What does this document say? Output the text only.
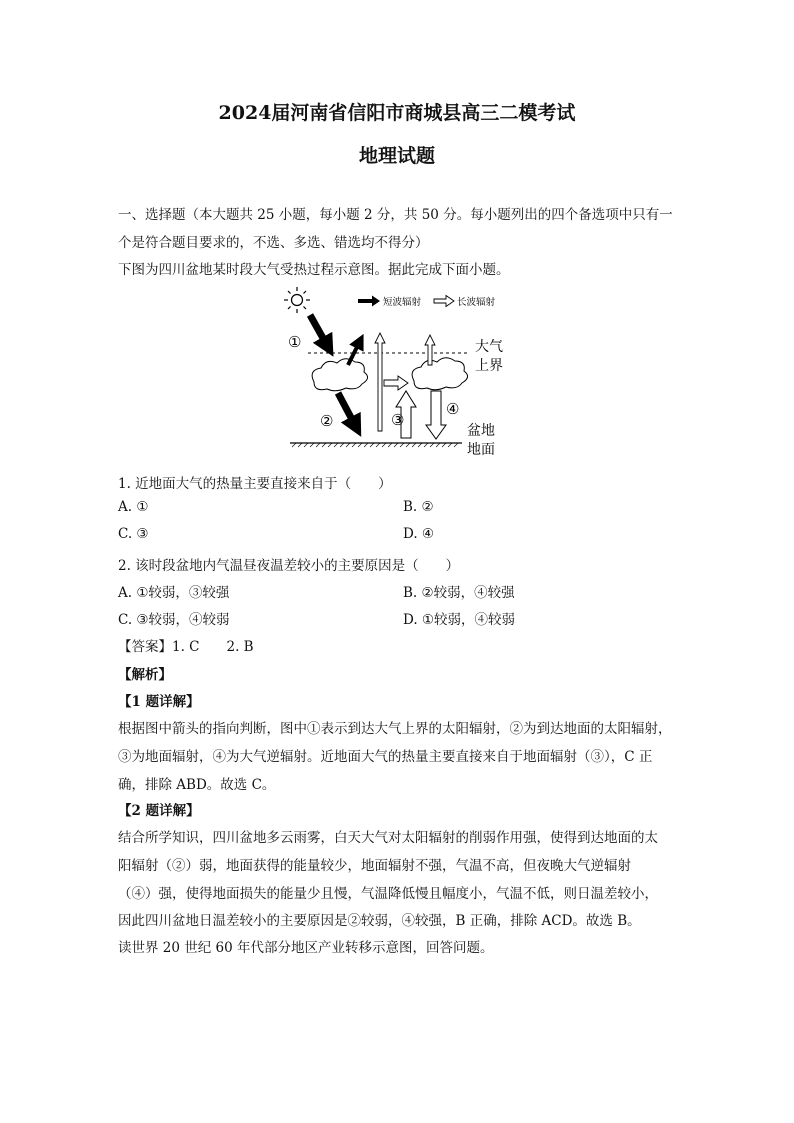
2024届河南省信阳市商城县高三二模考试
地理试题
一、选择题（本大题共 25 小题，每小题 2 分，共 50 分。每小题列出的四个备选项中只有一
个是符合题目要求的，不选、多选、错选均不得分）
下图为四川盆地某时段大气受热过程示意图。据此完成下面小题。
短波辐射	长波辐射
①
②	③
④
大气
上界
盆地
地面
1. 近地面大气的热量主要直接来自于（　　）
A. ①	B. ②
C. ③	D. ④
2. 该时段盆地内气温昼夜温差较小的主要原因是（　　）
A. ①较弱，③较强	B. ②较弱，④较强
C. ③较弱，④较弱	D. ①较弱，④较弱
【答案】1. C　　2. B
【解析】
【1 题详解】
根据图中箭头的指向判断，图中①表示到达大气上界的太阳辐射，②为到达地面的太阳辐射，
③为地面辐射，④为大气逆辐射。近地面大气的热量主要直接来自于地面辐射（③），C 正
确，排除 ABD。故选 C。
【2 题详解】
结合所学知识，四川盆地多云雨雾，白天大气对太阳辐射的削弱作用强，使得到达地面的太
阳辐射（②）弱，地面获得的能量较少，地面辐射不强，气温不高，但夜晚大气逆辐射
（④）强，使得地面损失的能量少且慢，气温降低慢且幅度小，气温不低，则日温差较小，
因此四川盆地日温差较小的主要原因是②较弱，④较强，B 正确，排除 ACD。故选 B。
读世界 20 世纪 60 年代部分地区产业转移示意图，回答问题。
